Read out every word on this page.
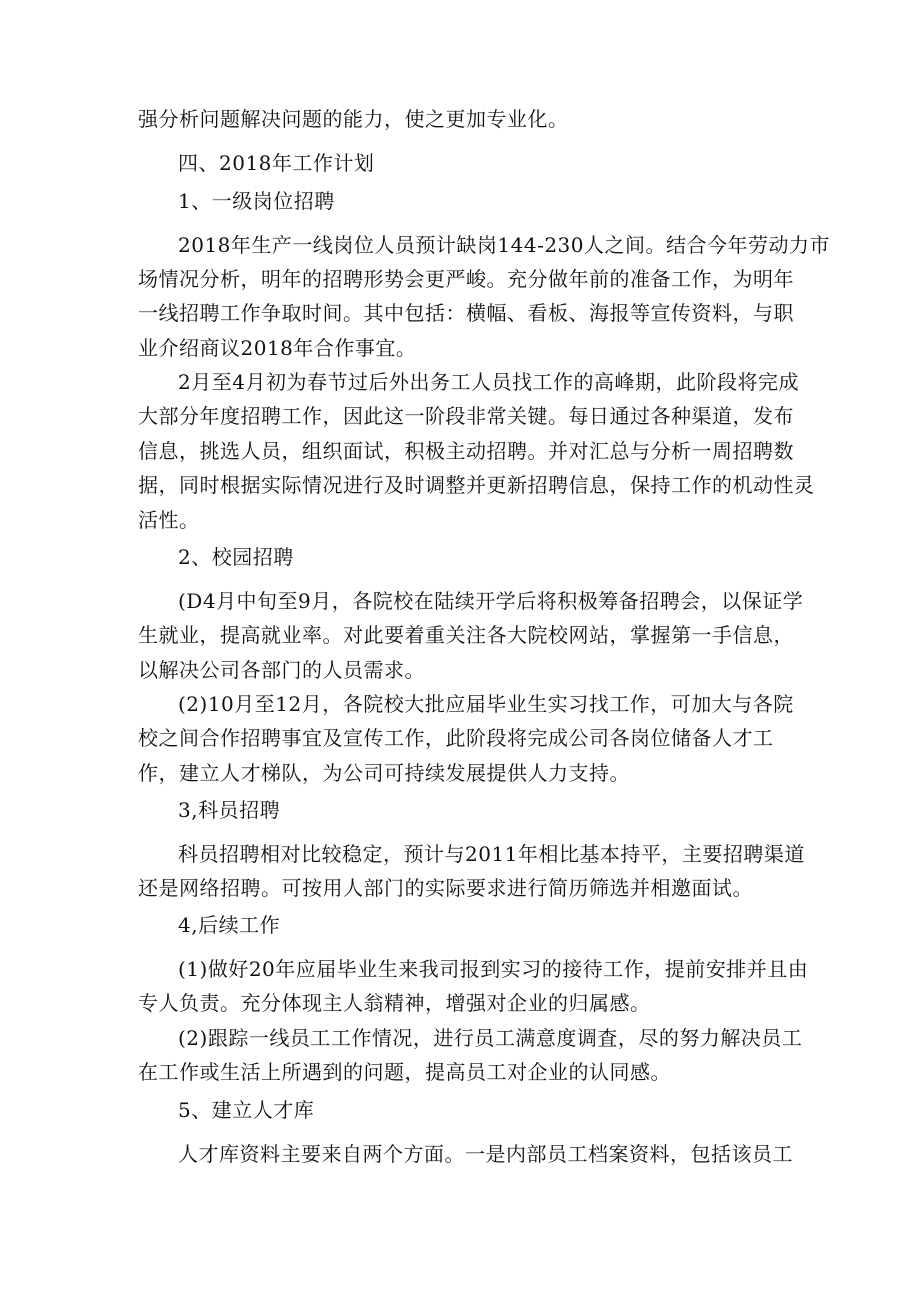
强分析问题解决问题的能力，使之更加专业化。
四、2018年工作计划
1、一级岗位招聘
2018年生产一线岗位人员预计缺岗144-230人之间。结合今年劳动力市
场情况分析，明年的招聘形势会更严峻。充分做年前的准备工作，为明年
一线招聘工作争取时间。其中包括：横幅、看板、海报等宣传资料，与职
业介绍商议2018年合作事宜。
2月至4月初为春节过后外出务工人员找工作的高峰期，此阶段将完成
大部分年度招聘工作，因此这一阶段非常关键。每日通过各种渠道，发布
信息，挑选人员，组织面试，积极主动招聘。并对汇总与分析一周招聘数
据，同时根据实际情况进行及时调整并更新招聘信息，保持工作的机动性灵
活性。
2、校园招聘
(D4月中旬至9月，各院校在陆续开学后将积极筹备招聘会，以保证学
生就业，提高就业率。对此要着重关注各大院校网站，掌握第一手信息，
以解决公司各部门的人员需求。
(2)10月至12月，各院校大批应届毕业生实习找工作，可加大与各院
校之间合作招聘事宜及宣传工作，此阶段将完成公司各岗位储备人才工
作，建立人才梯队，为公司可持续发展提供人力支持。
3,科员招聘
科员招聘相对比较稳定，预计与2011年相比基本持平，主要招聘渠道
还是网络招聘。可按用人部门的实际要求进行简历筛选并相邀面试。
4,后续工作
(1)做好20年应届毕业生来我司报到实习的接待工作，提前安排并且由
专人负责。充分体现主人翁精神，增强对企业的归属感。
(2)跟踪一线员工工作情况，进行员工满意度调査，尽的努力解决员工
在工作或生活上所遇到的问题，提高员工对企业的认同感。
5、建立人才库
人才库资料主要来自两个方面。一是内部员工档案资料，包括该员工
